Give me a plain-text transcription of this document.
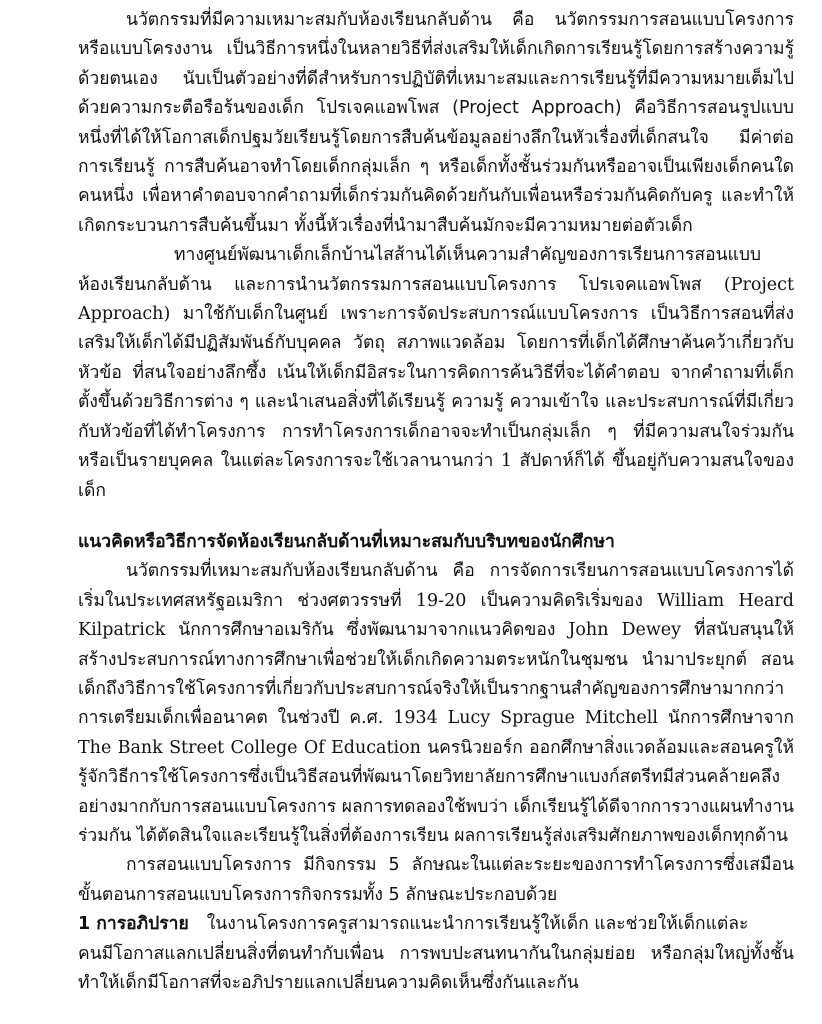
นวัตกรรมที่มีความเหมาะสมกับห้องเรียนกลับด้าน คือ นวัตกรรมการสอนแบบโครงการหรือแบบโครงงาน เป็นวิธีการหนึ่งในหลายวิธีที่ส่งเสริมให้เด็กเกิดการเรียนรู้โดยการสร้างความรู้ด้วยตนเอง นับเป็นตัวอย่างที่ดีสำหรับการปฏิบัติที่เหมาะสมและการเรียนรู้ที่มีความหมายเต็มไปด้วยความกระตือรือร้นของเด็ก โปรเจคแอพโพส (Project Approach) คือวิธีการสอนรูปแบบหนึ่งที่ได้ให้โอกาสเด็กปฐมวัยเรียนรู้โดยการสืบค้นข้อมูลอย่างลึกในหัวเรื่องที่เด็กสนใจ มีค่าต่อการเรียนรู้ การสืบค้นอาจทำโดยเด็กกลุ่มเล็ก ๆ หรือเด็กทั้งชั้นร่วมกันหรืออาจเป็นเพียงเด็กคนใดคนหนึ่ง เพื่อหาคำตอบจากคำถามที่เด็กร่วมกันคิดด้วยกันกับเพื่อนหรือร่วมกันคิดกับครู และทำให้เกิดกระบวนการสืบค้นขึ้นมา ทั้งนี้หัวเรื่องที่นำมาสืบค้นมักจะมีความหมายต่อตัวเด็ก

ทางศูนย์พัฒนาเด็กเล็กบ้านไสส้านได้เห็นความสำคัญของการเรียนการสอนแบบห้องเรียนกลับด้าน และการนำนวัตกรรมการสอนแบบโครงการ โปรเจคแอพโพส (Project Approach) มาใช้กับเด็กในศูนย์ เพราะการจัดประสบการณ์แบบโครงการ เป็นวิธีการสอนที่ส่งเสริมให้เด็กได้มีปฏิสัมพันธ์กับบุคคล วัตถุ สภาพแวดล้อม โดยการที่เด็กได้ศึกษาค้นคว้าเกี่ยวกับหัวข้อ ที่สนใจอย่างลึกซึ้ง เน้นให้เด็กมีอิสระในการคิดการค้นวิธีที่จะได้คำตอบ จากคำถามที่เด็กตั้งขึ้นด้วยวิธีการต่าง ๆ และนำเสนอสิ่งที่ได้เรียนรู้ ความรู้ ความเข้าใจ และประสบการณ์ที่มีเกี่ยวกับหัวข้อที่ได้ทำโครงการ การทำโครงการเด็กอาจจะทำเป็นกลุ่มเล็ก ๆ ที่มีความสนใจร่วมกัน หรือเป็นรายบุคคล ในแต่ละโครงการจะใช้เวลานานกว่า 1 สัปดาห์ก็ได้ ขึ้นอยู่กับความสนใจของเด็ก

แนวคิดหรือวิธีการจัดห้องเรียนกลับด้านที่เหมาะสมกับบริบทของนักศึกษา

นวัตกรรมที่เหมาะสมกับห้องเรียนกลับด้าน คือ การจัดการเรียนการสอนแบบโครงการได้เริ่มในประเทศสหรัฐอเมริกา ช่วงศตวรรษที่ 19-20 เป็นความคิดริเริ่มของ William Heard Kilpatrick นักการศึกษาอเมริกัน ซึ่งพัฒนามาจากแนวคิดของ John Dewey ที่สนับสนุนให้สร้างประสบการณ์ทางการศึกษาเพื่อช่วยให้เด็กเกิดความตระหนักในชุมชน นำมาประยุกต์ สอนเด็กถึงวิธีการใช้โครงการที่เกี่ยวกับประสบการณ์จริงให้เป็นรากฐานสำคัญของการศึกษามากกว่าการเตรียมเด็กเพื่ออนาคต ในช่วงปี ค.ศ. 1934 Lucy Sprague Mitchell นักการศึกษาจาก The Bank Street College Of Education นครนิวยอร์ก ออกศึกษาสิ่งแวดล้อมและสอนครูให้รู้จักวิธีการใช้โครงการซึ่งเป็นวิธีสอนที่พัฒนาโดยวิทยาลัยการศึกษาแบงก์สตรีทมีส่วนคล้ายคลึงอย่างมากกับการสอนแบบโครงการ ผลการทดลองใช้พบว่า เด็กเรียนรู้ได้ดีจากการวางแผนทำงานร่วมกัน ได้ตัดสินใจและเรียนรู้ในสิ่งที่ต้องการเรียน ผลการเรียนรู้ส่งเสริมศักยภาพของเด็กทุกด้าน

การสอนแบบโครงการ มีกิจกรรม 5 ลักษณะในแต่ละระยะของการทำโครงการซึ่งเสมือนขั้นตอนการสอนแบบโครงการกิจกรรมทั้ง 5 ลักษณะประกอบด้วย

1 การอภิปราย ในงานโครงการครูสามารถแนะนำการเรียนรู้ให้เด็ก และช่วยให้เด็กแต่ละ

คนมีโอกาสแลกเปลี่ยนสิ่งที่ตนทำกับเพื่อน การพบปะสนทนากันในกลุ่มย่อย หรือกลุ่มใหญ่ทั้งชั้นทำให้เด็กมีโอกาสที่จะอภิปรายแลกเปลี่ยนความคิดเห็นซึ่งกันและกัน
